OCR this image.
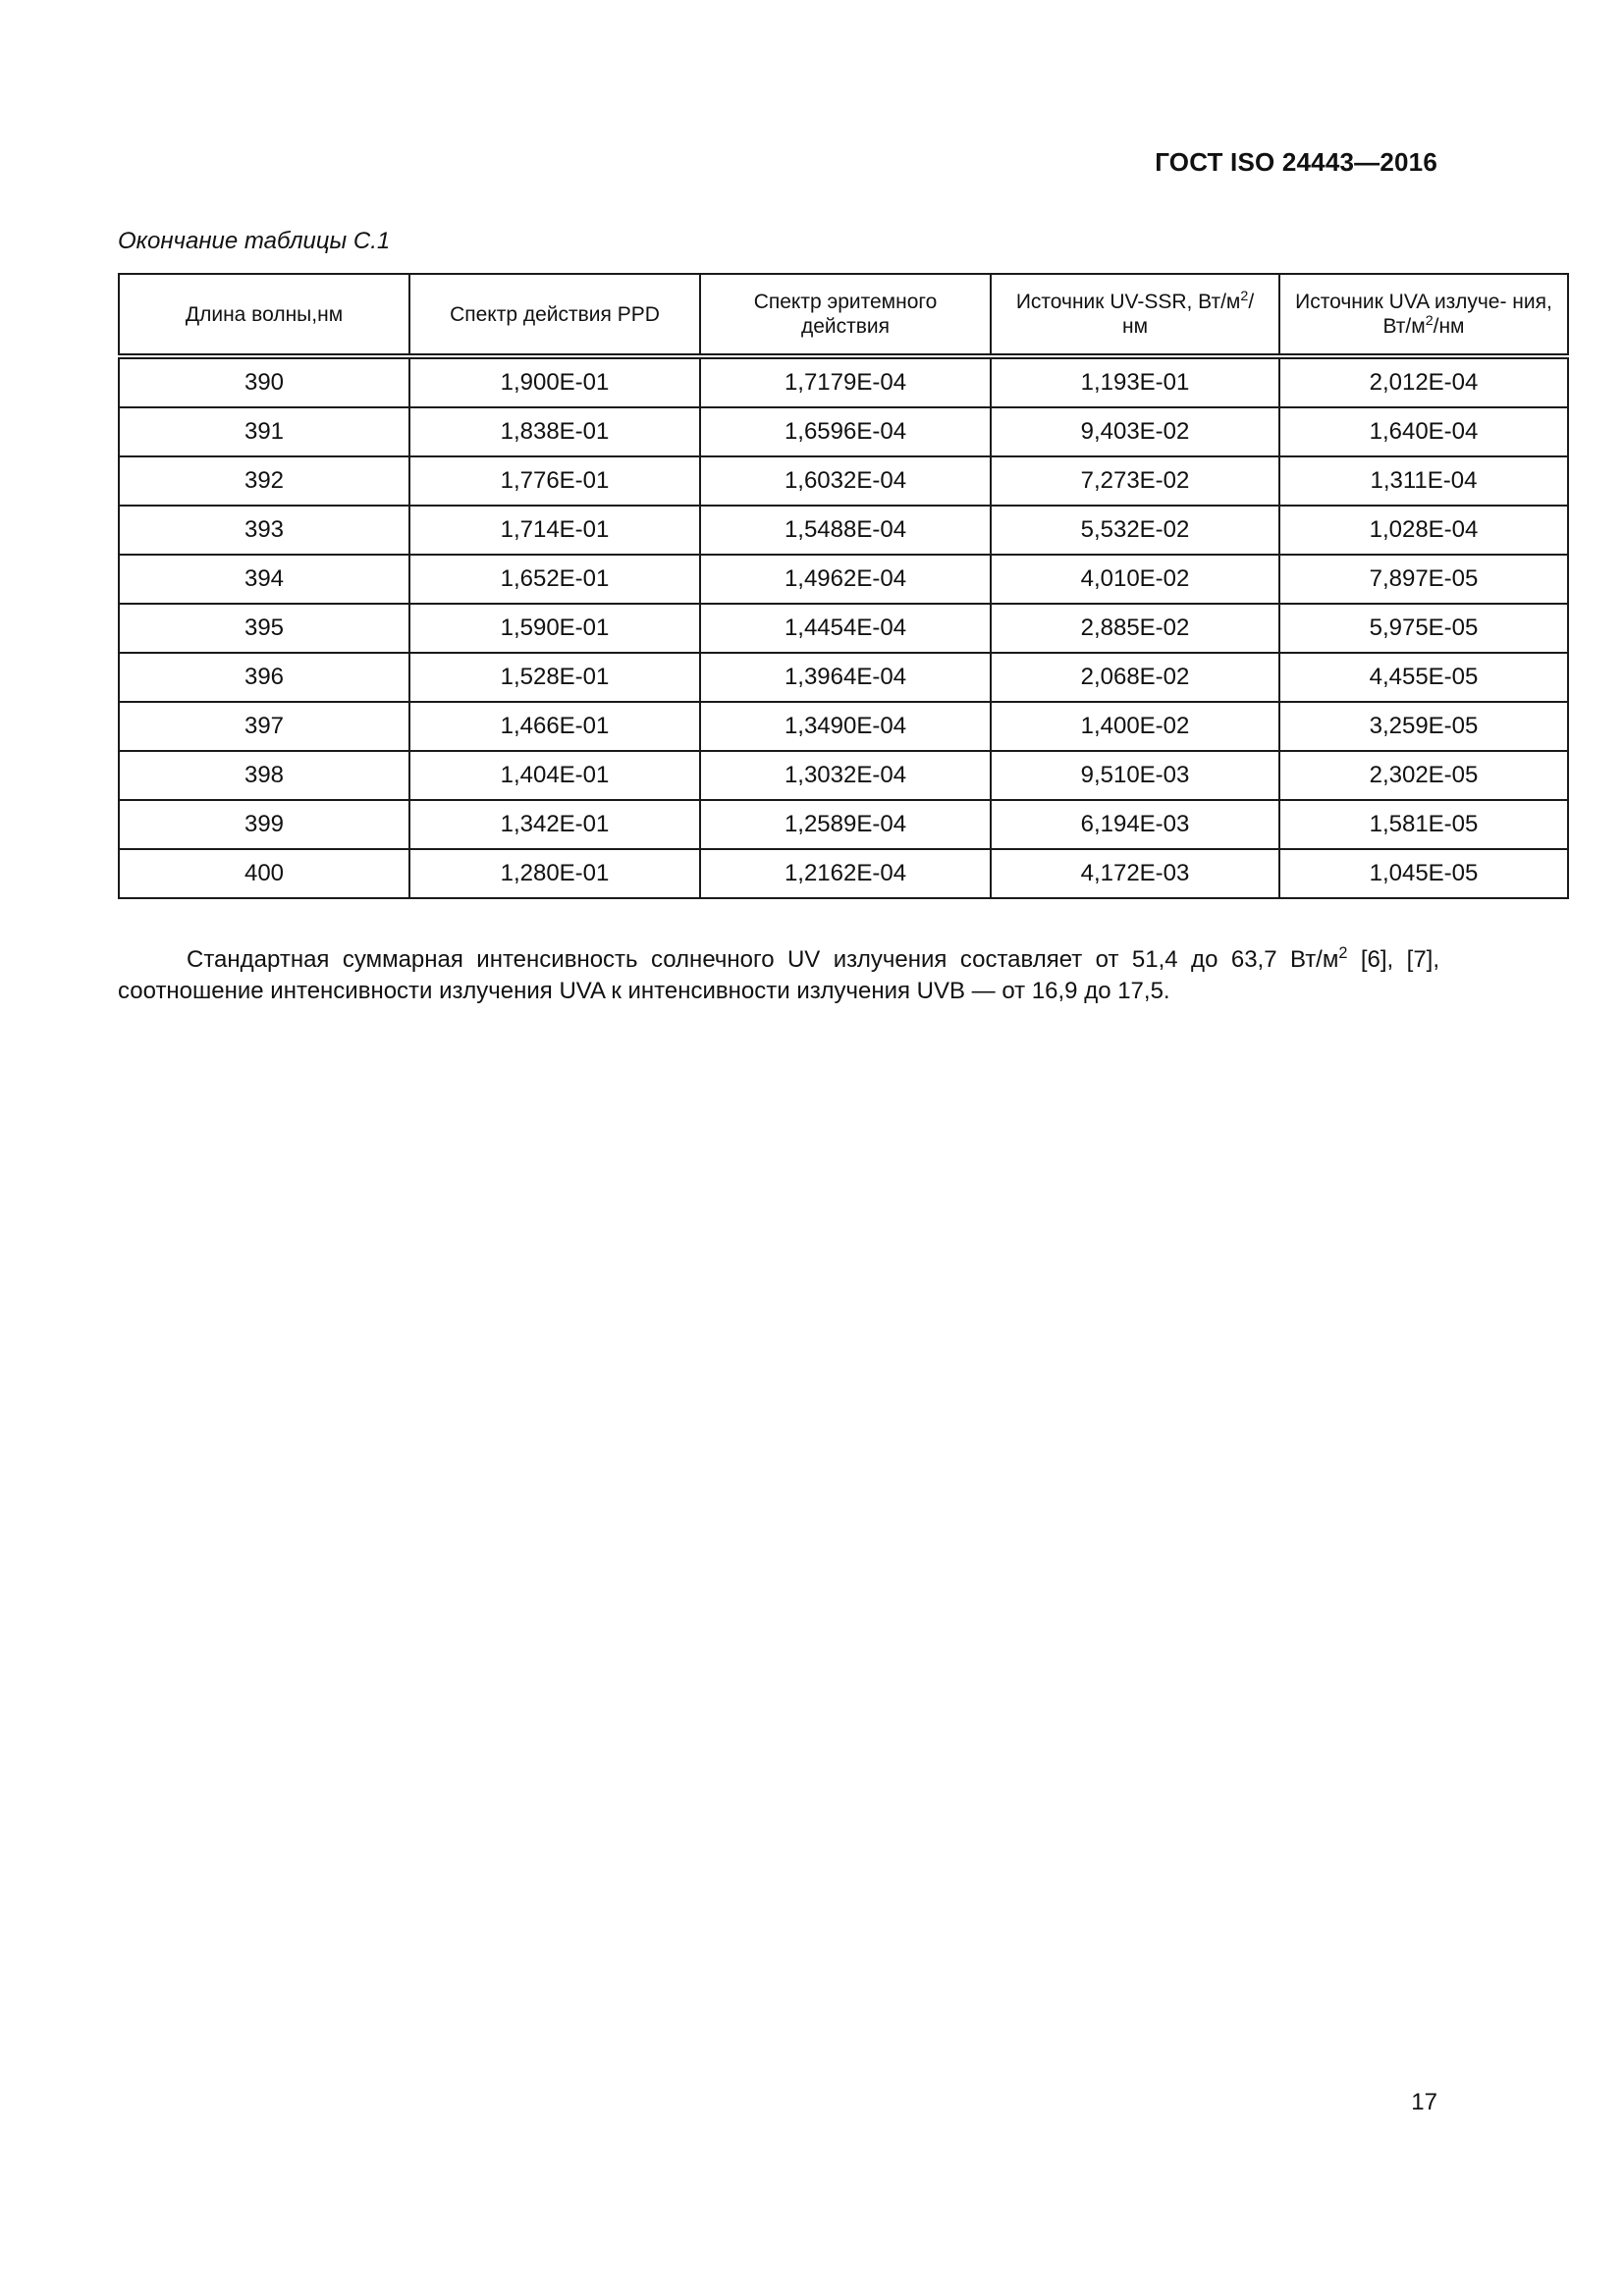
ГОСТ ISO 24443—2016
Окончание таблицы С.1
Длина волны,нм	Спектр действия PPD	Спектр эритемного действия	Источник UV-SSR, $Вт/м^2/нм$	Источник UVA излуче- ния, $Вт/м^2/нм$
390	1,900E-01	1,7179E-04	1,193E-01	2,012E-04
391	1,838E-01	1,6596E-04	9,403E-02	1,640E-04
392	1,776E-01	1,6032E-04	7,273E-02	1,311E-04
393	1,714E-01	1,5488E-04	5,532E-02	1,028E-04
394	1,652E-01	1,4962E-04	4,010E-02	7,897E-05
395	1,590E-01	1,4454E-04	2,885E-02	5,975E-05
396	1,528E-01	1,3964E-04	2,068E-02	4,455E-05
397	1,466E-01	1,3490E-04	1,400E-02	3,259E-05
398	1,404E-01	1,3032E-04	9,510E-03	2,302E-05
399	1,342E-01	1,2589E-04	6,194E-03	1,581E-05
400	1,280E-01	1,2162E-04	4,172E-03	1,045E-05

Стандартная суммарная интенсивность солнечного UV излучения составляет от 51,4 до 63,7 $Вт/м^2$ [6], [7], соотношение интенсивности излучения UVA к интенсивности излучения UVB — от 16,9 до 17,5.

17
